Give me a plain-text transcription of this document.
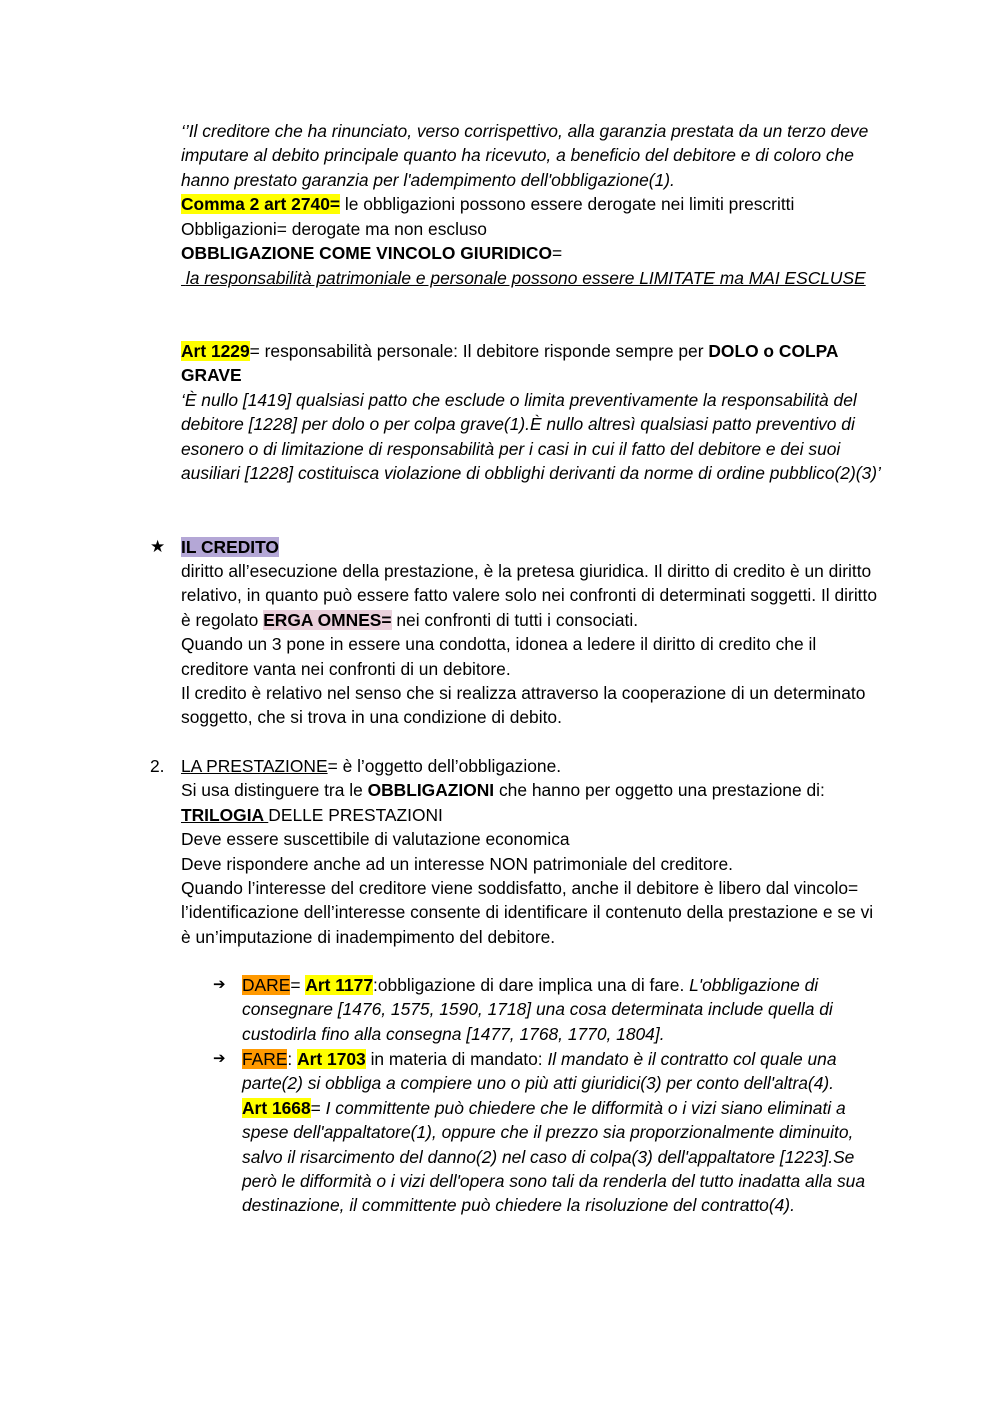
‘’Il creditore che ha rinunciato, verso corrispettivo, alla garanzia prestata da un terzo deve imputare al debito principale quanto ha ricevuto, a beneficio del debitore e di coloro che hanno prestato garanzia per l'adempimento dell'obbligazione(1).
Comma 2 art 2740= le obbligazioni possono essere derogate nei limiti prescritti
Obbligazioni= derogate ma non escluso
OBBLIGAZIONE COME VINCOLO GIURIDICO=
la responsabilità patrimoniale e personale possono essere LIMITATE ma MAI ESCLUSE
Art 1229= responsabilità personale: Il debitore risponde sempre per DOLO o COLPA GRAVE
‘È nullo [1419] qualsiasi patto che esclude o limita preventivamente la responsabilità del debitore [1228] per dolo o per colpa grave(1).È nullo altresì qualsiasi patto preventivo di esonero o di limitazione di responsabilità per i casi in cui il fatto del debitore e dei suoi ausiliari [1228] costituisca violazione di obblighi derivanti da norme di ordine pubblico(2)(3)’
★ IL CREDITO
diritto all’esecuzione della prestazione, è la pretesa giuridica. Il diritto di credito è un diritto relativo, in quanto può essere fatto valere solo nei confronti di determinati soggetti. Il diritto è regolato ERGA OMNES= nei confronti di tutti i consociati.
Quando un 3 pone in essere una condotta, idonea a ledere il diritto di credito che il creditore vanta nei confronti di un debitore.
Il credito è relativo nel senso che si realizza attraverso la cooperazione di un determinato soggetto, che si trova in una condizione di debito.
2. LA PRESTAZIONE= è l’oggetto dell’obbligazione.
Si usa distinguere tra le OBBLIGAZIONI che hanno per oggetto una prestazione di:
TRILOGIA DELLE PRESTAZIONI
Deve essere suscettibile di valutazione economica
Deve rispondere anche ad un interesse NON patrimoniale del creditore.
Quando l’interesse del creditore viene soddisfatto, anche il debitore è libero dal vincolo= l’identificazione dell’interesse consente di identificare il contenuto della prestazione e se vi è un’imputazione di inadempimento del debitore.
➔ DARE= Art 1177:obbligazione di dare implica una di fare. L'obbligazione di consegnare [1476, 1575, 1590, 1718] una cosa determinata include quella di custodirla fino alla consegna [1477, 1768, 1770, 1804].
➔ FARE: Art 1703 in materia di mandato: Il mandato è il contratto col quale una parte(2) si obbliga a compiere uno o più atti giuridici(3) per conto dell'altra(4).
Art 1668= I committente può chiedere che le difformità o i vizi siano eliminati a spese dell'appaltatore(1), oppure che il prezzo sia proporzionalmente diminuito, salvo il risarcimento del danno(2) nel caso di colpa(3) dell'appaltatore [1223].Se però le difformità o i vizi dell'opera sono tali da renderla del tutto inadatta alla sua destinazione, il committente può chiedere la risoluzione del contratto(4).
